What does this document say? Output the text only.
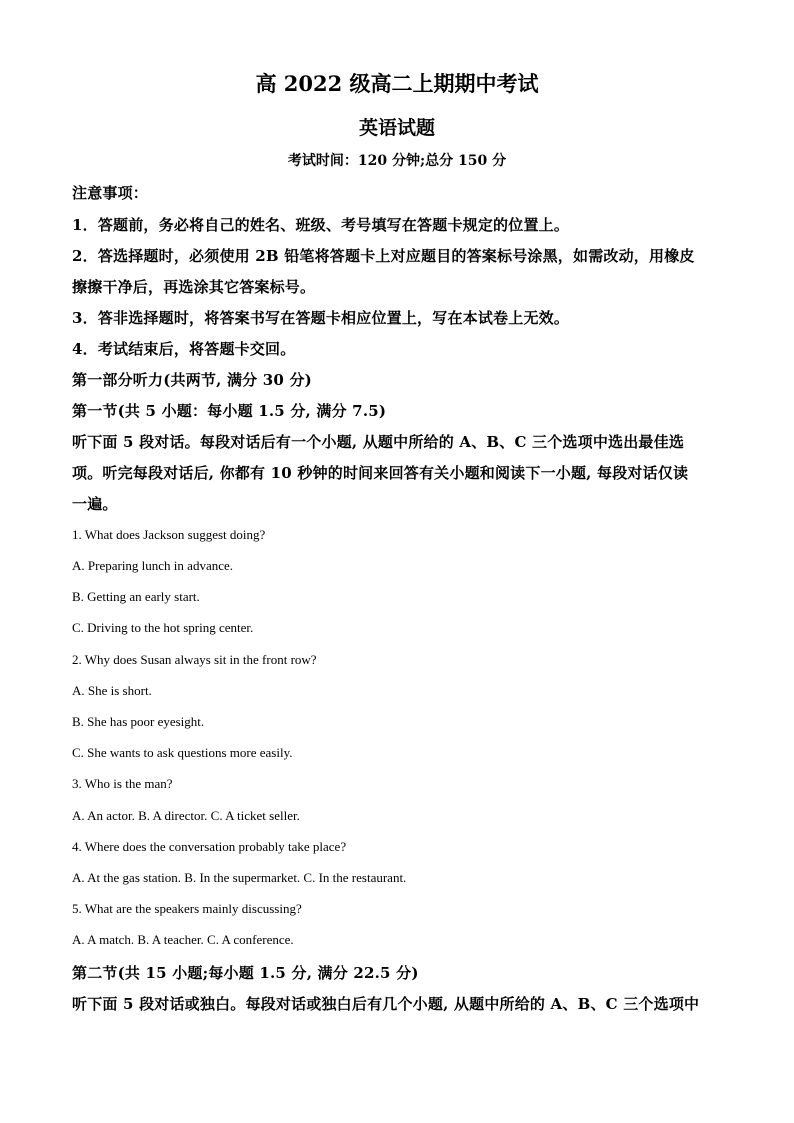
高 2022 级高二上期期中考试
英语试题
考试时间：120 分钟;总分 150 分
注意事项：
1．答题前，务必将自己的姓名、班级、考号填写在答题卡规定的位置上。
2．答选择题时，必须使用 2B 铅笔将答题卡上对应题目的答案标号涂黑，如需改动，用橡皮
擦擦干净后，再选涂其它答案标号。
3．答非选择题时，将答案书写在答题卡相应位置上，写在本试卷上无效。
4．考试结束后，将答题卡交回。
第一部分听力(共两节, 满分 30 分)
第一节(共 5 小题：每小题 1.5 分, 满分 7.5)
听下面 5 段对话。每段对话后有一个小题, 从题中所给的 A、B、C 三个选项中选出最佳选
项。听完每段对话后, 你都有 10 秒钟的时间来回答有关小题和阅读下一小题, 每段对话仅读
一遍。
1. What does Jackson suggest doing?
A. Preparing lunch in advance.
B. Getting an early start.
C. Driving to the hot spring center.
2. Why does Susan always sit in the front row?
A. She is short.
B. She has poor eyesight.
C. She wants to ask questions more easily.
3. Who is the man?
A. An actor. B. A director. C. A ticket seller.
4. Where does the conversation probably take place?
A. At the gas station. B. In the supermarket. C. In the restaurant.
5. What are the speakers mainly discussing?
A. A match. B. A teacher. C. A conference.
第二节(共 15 小题;每小题 1.5 分, 满分 22.5 分)
听下面 5 段对话或独白。每段对话或独白后有几个小题, 从题中所给的 A、B、C 三个选项中
